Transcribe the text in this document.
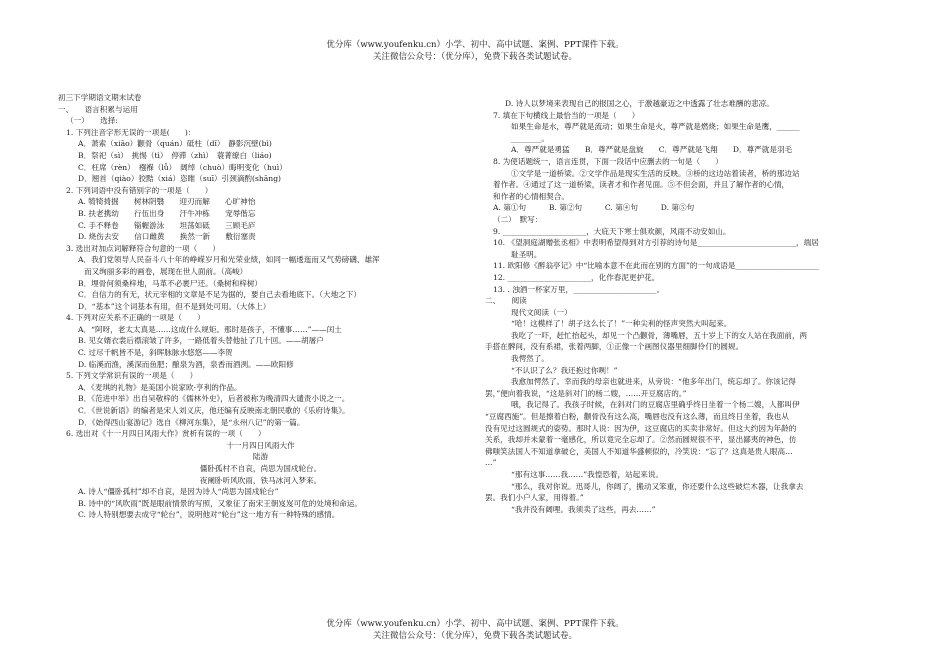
优分库（www.youfenku.cn）小学、初中、高中试题、案例、PPT课件下载。
关注微信公众号：（优分库），免费下载各类试题试卷。
初三下学期语文期末试卷
一、　　语言积累与运用
（一）　　选择:
1. 下列注音字形无误的一项是(　　)：
A．萧索（xiāo）颧骨（quán）砥柱（dǐ）　静影沉壁(bì)
B．祭祀（sì）　挑惕（tì）　停滞（zhì）　蓑菁缭白（liáo)
C．枉席（rèn）　襁褓（lǚ）　阔绰（chuò）晦明变化（huì）
D．翘首（qiào）狡黠（xiá）恣睢（suī）引颈滴酌(shāng)
2. 下列词语中没有错别字的一项是（　　）
A. 犄犄掎掘　　树林阴翳　　迎刃而解　　心旷神怡
B. 扶老携幼　　行伍出身　　汗牛冲栋　　宠辱偕忘
C. 手不释卷　　锱幄游泳　　坦荡如砥　　三顾毛庐
D. 烧伤去安　　信口雌黄　　换然一新　　敷衍塞责
3. 选出对加点词解释符合句意的一项（　　）
A．我们党领导人民奋斗八十年的峥嵘岁月和光荣业绩，如同一幅逶迤而又气势磅礴、雄浑
而又绚丽多彩的画卷，展现在世人面前。（高峻）
B．埋骨何须桑梓地，马革不必裹尸还。（桑树和梓树）
C．自信力的有无，状元宰相的文章是不足为据的，要自己去看地底下。（大地之下）
D．“基本”这个词基本有用，但不是到处可用。（大体上）
4. 下列对应关系不正确的一项是（　　）
A．“阿呀，老太太真是……这成什么规矩。那时是孩子，不懂事……”——闰土
B. 见女婿衣裳后襟滚皱了许多，一路低着头替他扯了几十回。——胡屠户
C. 过尽千帆皆不是，斜晖脉脉水悠悠——李贺
D. 临溪而渔，溪深而鱼肥；酿泉为酒，泉香而酒洌。——欧阳修
5. 下列文学常识有误的一项是（　　）
A．《麦琪的礼物》是美国小说家欧·亨利的作品。
B．《范进中举》出自吴敬梓的《儒林外史》，后者被称为晚清四大谴责小说之一。
C．《世说新语》的编者是宋人刘义庆，他还编有反映南北朝民歌的《乐府诗集》。
D．《始得西山宴游记》选自《柳河东集》，是“永州八记”的第一篇。
6. 选出对《十一月四日风雨大作》赏析有误的一项（　　）
十一月四日风雨大作
陆游
僵卧孤村不自哀，尚思为国戍轮台。
夜阑卧听风吹雨，铁马冰河入梦来。
A. 诗人“僵卧孤村”却不自哀，是因为诗人“尚思为国戍轮台”
B. 诗中的“风吹雨”既是眼前情景的写照，又象征了南宋王朝岌岌可危的处境和命运。
C. 诗人特别想要去成守“轮台”，说明他对“轮台”这一地方有一种特殊的感情。
D. 诗人以梦境来表现自己的报国之心，于激越豪迈之中透露了壮志难酬的悲凉。
7. 填在下句横线上最恰当的一项是（　　）
如果生命是水，尊严就是流动；如果生命是火，尊严就是燃烧；如果生命是鹰，______
________。
A．尊严就是勇猛　　B．尊严就是盘旋　　C．尊严就是飞翔　　D．尊严就是羽毛
8. 为使话题统一，语言连贯，下面一段话中应删去的一句是（　　）
①文学是一道桥梁。②文学作品是现实生活的反映。③桥的这边站着读者，桥的那边站
着作者。④通过了这一道桥梁，读者才和作者见面。⑤不但会面，并且了解作者的心情，
和作者的心情相契合。
A. 第①句　　　B. 第②句　　　C. 第④句　　　D. 第⑤句
（二）　默写：
9. ______________________，大庇天下寒士俱欢颜，风雨不动安如山。
10. 《望洞庭湖赠张丞相》中表明希望得到对方引荐的诗句是__________________________，端居
耻圣明。
11. 欧阳修《醉翁亭记》中“比喻本意不在此而在别的方面”的一句成语是______________________
12. ______________________，化作春泥更护花。
13. . 浊酒一杯家万里，______________________。
二、　　阅读
现代文阅读（一）
“哈！这模样了！胡子这么长了！”一种尖利的怪声突然大叫起来。
我吃了一吓，赶忙抬起头，却见一个凸颧骨，薄嘴唇，五十岁上下的女人站在我面前，两
手搭在髀间，没有系裙，张着两脚，①正像一个画图仪器里细脚伶仃的圆规。
我愕然了。
“不认识了么？我还抱过你咧！”
我愈加愕然了。幸而我的母亲也就进来，从旁说：“他多年出门，统忘却了。你该记得
罢，”便向着我说，“这是斜对门的杨二嫂，……开豆腐店的。”
哦，我记得了。我孩子时候，在斜对门的豆腐店里确乎终日坐着一个杨二嫂，人都叫伊
“豆腐西施”。但是擦着白粉，颧骨没有这么高，嘴唇也没有这么薄，而且终日坐着，我也从
没有见过这圆规式的姿势。那时人说：因为伊，这豆腐店的买卖非常好。但这大约因为年龄的
关系，我却并未蒙着一毫感化，所以竟完全忘却了。②然而圆规很不平，显出鄙夷的神色，仿
佛嗤笑法国人不知道拿破仑，美国人不知道华盛顿似的，冷笑说：“忘了？这真是贵人眼高…
…”
“那有这事……我……”我惶恐着，站起来说。
“那么，我对你说。迅哥儿，你阔了，搬动又笨重，你还要什么这些破烂木器，让我拿去
罢。我们小户人家，用得着。”
“我并没有阔哩。我须卖了这些，再去……”
优分库（www.youfenku.cn）小学、初中、高中试题、案例、PPT课件下载。
关注微信公众号：（优分库），免费下载各类试题试卷。
